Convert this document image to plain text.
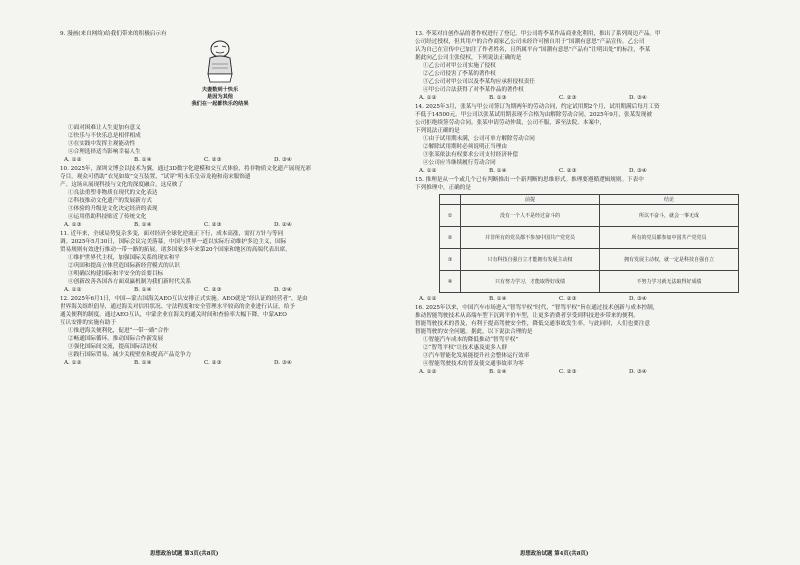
9. 漫画(来自网络)给我们带来的积极启示有
夫妻数到十快乐
是因为其他
我们在一起都快乐的结果
①面对困难让人生更加有意义
②快乐与不快乐总是相伴相成
③在实践中发挥主观能动性
④合理选择适当影响幸福人生
A. ①②	B. ①④	C. ②③	D. ③④
10. 2025年，深圳文博会以技术为翼，通过3D数字化建模和交互式体验，将非物质文化遗产展现光彩
夺目。观众可借助“衣见如故”交互装置，“试穿”明永乐皇帝龙袍和南宋服饰遗
产。这场从展现科技与文化的深度融合，这反映了
①良法重塑非物质在现代的文化表达
②科技推动文化遗产的发展新方式
③体验的升级是文化决定经济的表现
④运用借助科技贴近了传统文化
A. ①③	B. ①④	C. ②③	D. ②④
11. 近年来，全球局势复杂多变，面对经济全球化逆流正下行，成本高涨，需打方针与等同
调。2025年5月30日，国际会议完美落幕，中国与世界一道以实际行动维护多边主义，国际
贸易规则有效进行推动一带一路的拓展，诸多国家多年来第20个国家和地区的高端代表出席。
①维护世界代主权，加强国际关系的现实和平
②巩固和提高立体营造国际新经营模式的认识
③明确以构建国际和平安全的首要目标
④创新改善各国各方面双赢机制为我们新时代关系
A. ①②	B. ①④	C. ②③	D. ③④
12. 2025年6月1日，中国—蒙古国海关AEO互认安排正式实施。AEO就是“经认证的经营者”，是由
世界海关组织倡导，通过海关对信用状况、守法程度和安全管理水平较高的企业进行认证，给予
通关便利的制度。通过AEO互认，中蒙企业在海关的通关时间和查验率大幅下降。中蒙AEO
互认安排的实施有助于
①推进海关便利化，促进“一带一路”合作
②畅通国际循环，推动国际合作新发展
③强化国际间交流，提高国际话语权
④践行国际贸易，减少关税壁垒和提高产品竞争力
A. ①②	B. ①④	C. ②③	D. ③④
思想政治试题 第3页(共8页)
13. 李某对自创作品的著作权进行了登记。甲公司将李某作品商业化利用，推出了系列周边产品。甲
公司经过授权，但其用户的合作商家乙公司未经许可擅自用于“国潮有意思”产品宣传。乙公司
认为自己在宣传中已加注了作者姓名，且所属平台“国潮有意思”产品有“注明出处”的标注，李某
据此向乙公司主张侵权，下列说法正确的是
①乙公司对甲公司实施了侵权
②乙公司侵害了李某的著作权
③乙公司对甲公司以及李某均应承担侵权责任
④甲公司合法获得了对李某作品的著作权
A. ①②	B. ①③	C. ②③	D. ③④
14. 2025年3月，张某与甲公司签订为期两年的劳动合同，约定试用期2个月，试用期满后每月工资
不低于14500元。甲公司以张某试用期表现不合格为由解除劳动合同。2025年9月，张某发现被
公司拒绝续签劳动合同。张某申请劳动仲裁，公司不服，诉至法院。本案中，
下列说法正确的是
①由于试用期未满，公司可单方解除劳动合同
②解除试用期时必须说明正当理由
③张某依法有权要求公司支付经济补偿
④公司应当继续履行劳动合同
A. ①②	B. ①④	C. ②③	D. ③④
15. 推理是从一个或几个已有判断推出一个新判断的思维形式。推理要遵循逻辑规则。下表中
下列推理中，正确的是
	前提	结论
①	没有一个人不是经过奋斗的	所以不奋斗，就会一事无成
②	并非所有的党员都不参加中国共产党党员	所有的党员都参加中国共产党党员
③	只有科技自强自立才能拥有发展主动权	拥有发展主动权，就一定是科技自强自立
④	只有努力学习，才能取得好成绩	不努力学习就无法取得好成绩
A. ①②	B. ①④	C. ②③	D. ③④
16. 2025年以来，中国汽车市场进入“智驾平权”时代，“智驾平权”旨在通过技术创新与成本控制，
推动智能驾驶技术从高端车型下沉到平价车型，让更多消费者享受到科技进步带来的便利。
智能驾驶技术的普及，有利于提高驾驶安全性，降低交通事故发生率。与此同时，人们也要注意
智能驾驶的安全问题。据此，以下说法合理的是
①智能汽车成本的降低推动“智驾平权”
②“智驾平权”让技术惠及更多人群
③汽车智能化发展能提升社会整体运行效率
④智能驾驶技术的普及使交通事故率为零
A. ①②	B. ①④	C. ②③	D. ③④
思想政治试题 第4页(共8页)
